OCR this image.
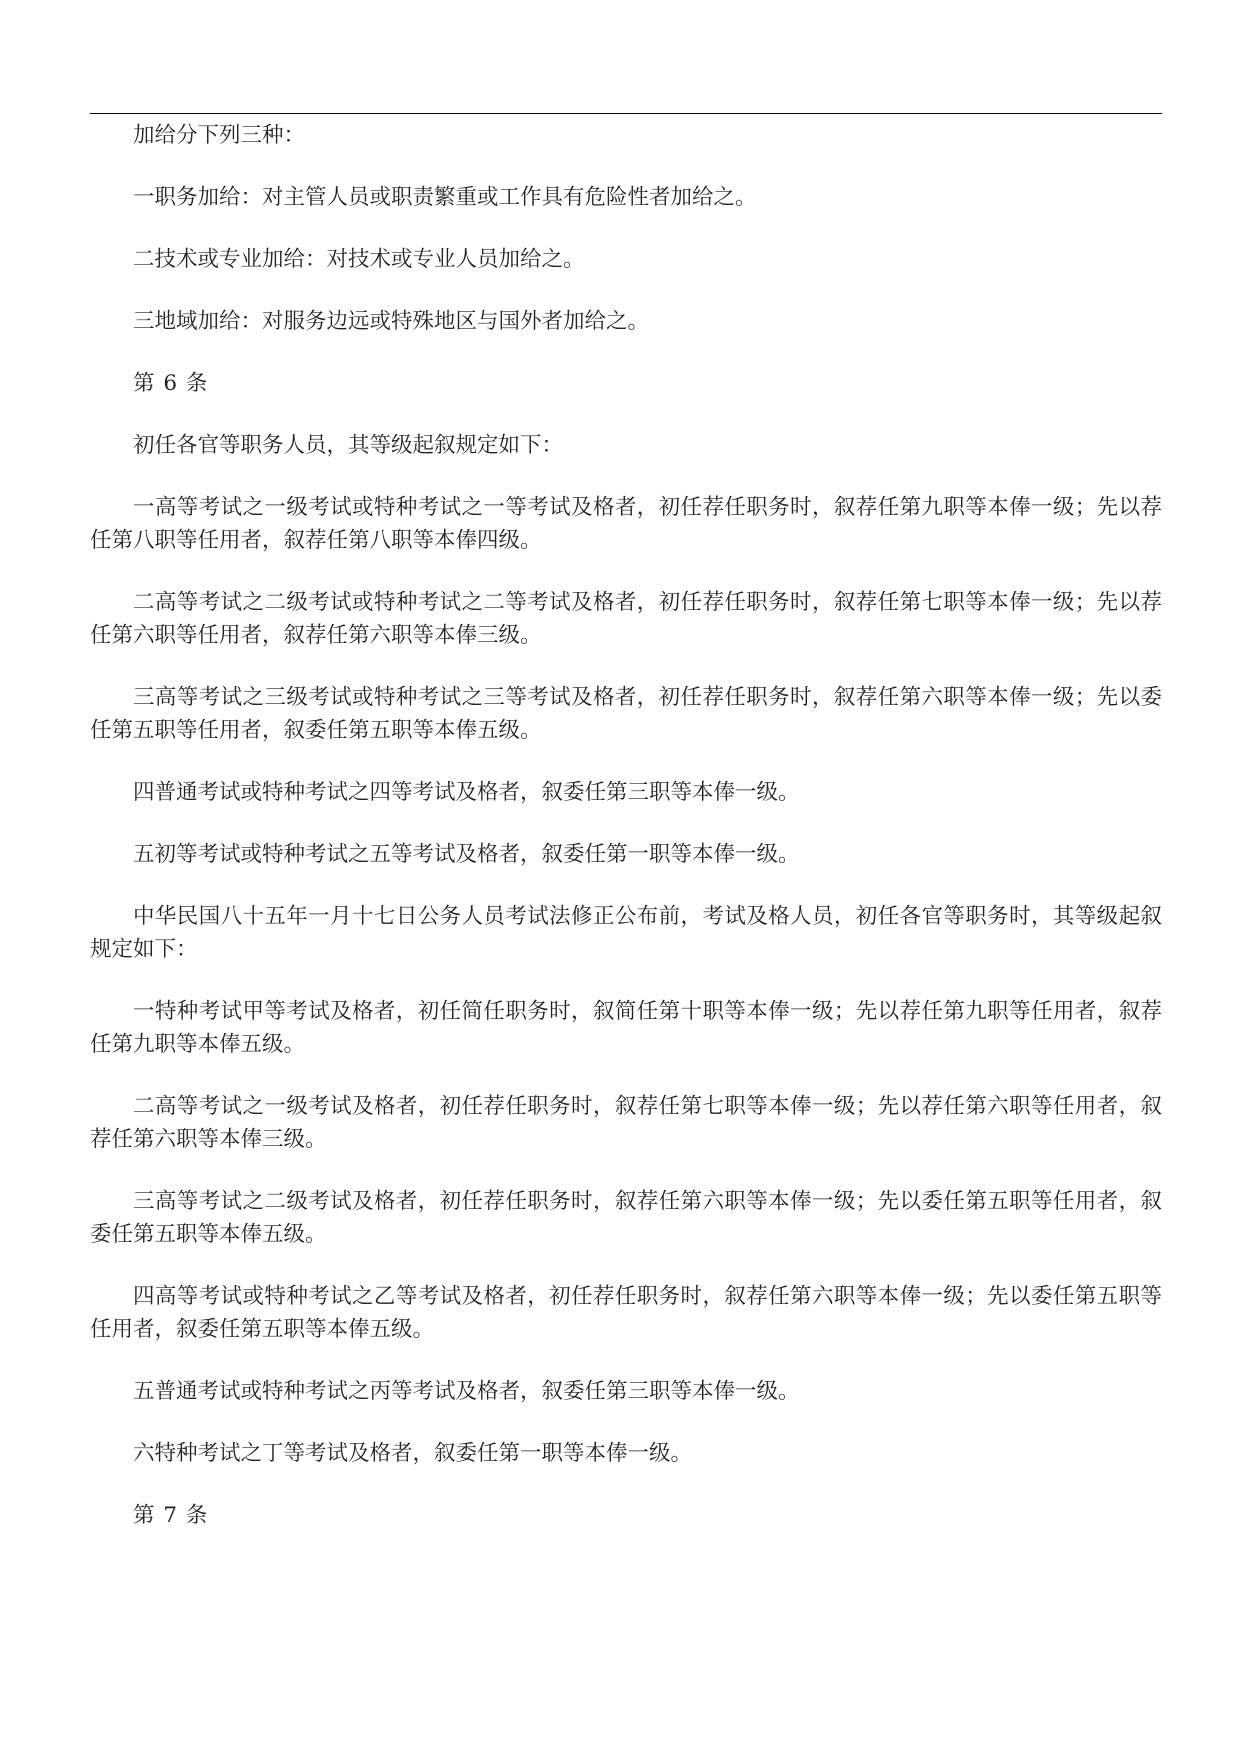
加给分下列三种：

一职务加给：对主管人员或职责繁重或工作具有危险性者加给之。

二技术或专业加给：对技术或专业人员加给之。

三地域加给：对服务边远或特殊地区与国外者加给之。

第 6 条

初任各官等职务人员，其等级起叙规定如下：

一高等考试之一级考试或特种考试之一等考试及格者，初任荐任职务时，叙荐任第九职等本俸一级；先以荐任第八职等任用者，叙荐任第八职等本俸四级。

二高等考试之二级考试或特种考试之二等考试及格者，初任荐任职务时，叙荐任第七职等本俸一级；先以荐任第六职等任用者，叙荐任第六职等本俸三级。

三高等考试之三级考试或特种考试之三等考试及格者，初任荐任职务时，叙荐任第六职等本俸一级；先以委任第五职等任用者，叙委任第五职等本俸五级。

四普通考试或特种考试之四等考试及格者，叙委任第三职等本俸一级。

五初等考试或特种考试之五等考试及格者，叙委任第一职等本俸一级。

中华民国八十五年一月十七日公务人员考试法修正公布前，考试及格人员，初任各官等职务时，其等级起叙规定如下：

一特种考试甲等考试及格者，初任简任职务时，叙简任第十职等本俸一级；先以荐任第九职等任用者，叙荐任第九职等本俸五级。

二高等考试之一级考试及格者，初任荐任职务时，叙荐任第七职等本俸一级；先以荐任第六职等任用者，叙荐任第六职等本俸三级。

三高等考试之二级考试及格者，初任荐任职务时，叙荐任第六职等本俸一级；先以委任第五职等任用者，叙委任第五职等本俸五级。

四高等考试或特种考试之乙等考试及格者，初任荐任职务时，叙荐任第六职等本俸一级；先以委任第五职等任用者，叙委任第五职等本俸五级。

五普通考试或特种考试之丙等考试及格者，叙委任第三职等本俸一级。

六特种考试之丁等考试及格者，叙委任第一职等本俸一级。

第 7 条
